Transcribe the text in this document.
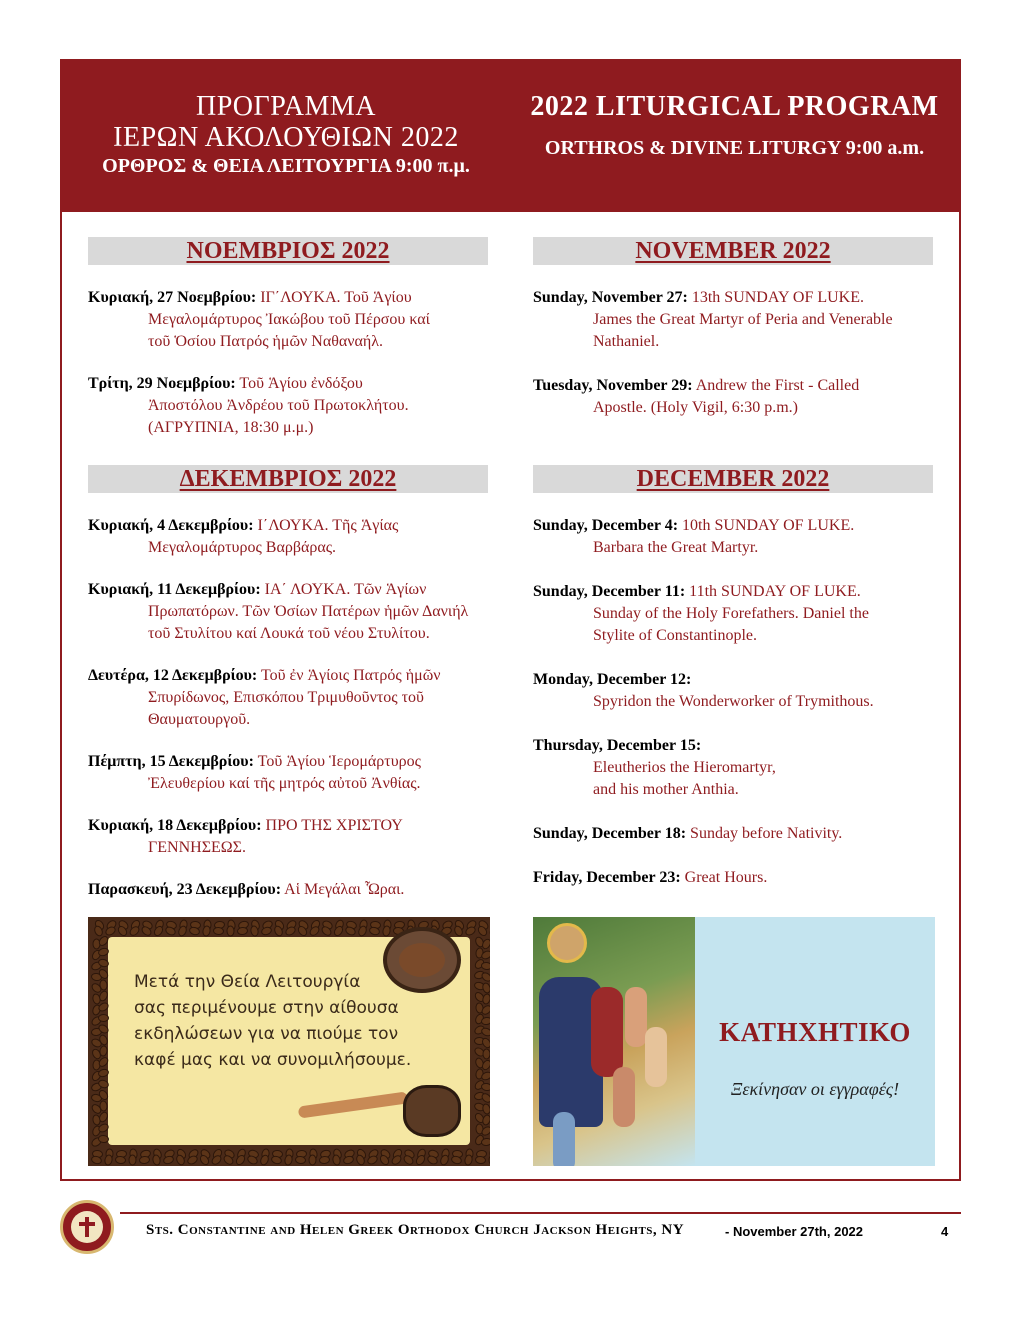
ΠΡΟΓΡΑΜΜΑ
ΙΕΡΩΝ ΑΚΟΛΟΥΘΙΩΝ 2022
ΟΡΘΡΟΣ & ΘΕΙΑ ΛΕΙΤΟΥΡΓΙΑ 9:00 π.μ.
2022 LITURGICAL PROGRAM
ORTHROS & DIVINE LITURGY 9:00 a.m.
ΝΟΕΜΒΡΙΟΣ 2022
Κυριακή, 27 Νοεμβρίου: ΙΓ΄ΛΟΥΚΑ. Τοῦ Ἁγίου
Μεγαλομάρτυρος Ἰακώβου τοῦ Πέρσου καί
τοῦ Ὁσίου Πατρός ἡμῶν Ναθαναήλ.
Τρίτη, 29 Νοεμβρίου: Τοῦ Ἁγίου ἐνδόξου
Ἀποστόλου Ἀνδρέου τοῦ Πρωτοκλήτου.
(ΑΓΡΥΠΝΙΑ, 18:30 μ.μ.)
ΔΕΚΕΜΒΡΙΟΣ 2022
Κυριακή, 4 Δεκεμβρίου: Ι΄ΛΟΥΚΑ. Τῆς Ἁγίας
Μεγαλομάρτυρος Βαρβάρας.
Κυριακή, 11 Δεκεμβρίου: ΙΑ΄ ΛΟΥΚΑ. Τῶν Ἁγίων
Πρωπατόρων. Τῶν Ὁσίων Πατέρων ἡμῶν Δανιήλ
τοῦ Στυλίτου καί Λουκά τοῦ νέου Στυλίτου.
Δευτέρα, 12 Δεκεμβρίου: Τοῦ ἐν Ἁγίοις Πατρός ἡμῶν
Σπυρίδωνος, Επισκόπου Τριμυθοῦντος τοῦ
Θαυματουργοῦ.
Πέμπτη, 15 Δεκεμβρίου: Τοῦ Ἁγίου Ἱερομάρτυρος
Ἐλευθερίου καί τῆς μητρός αὐτοῦ Ἀνθίας.
Κυριακή, 18 Δεκεμβρίου: ΠΡΟ ΤΗΣ ΧΡΙΣΤΟΥ
ΓΕΝΝΗΣΕΩΣ.
Παρασκευή, 23 Δεκεμβρίου: Αἱ Μεγάλαι Ὧραι.
NOVEMBER 2022
Sunday, November 27: 13th SUNDAY OF LUKE.
James the Great Martyr of Peria and Venerable
Nathaniel.
Tuesday, November 29: Andrew the First - Called
Apostle. (Holy Vigil, 6:30 p.m.)
DECEMBER 2022
Sunday, December 4: 10th SUNDAY OF LUKE.
Barbara the Great Martyr.
Sunday, December 11: 11th SUNDAY OF LUKE.
Sunday of the Holy Forefathers. Daniel the
Stylite of Constantinople.
Monday, December 12:
Spyridon the Wonderworker of Trymithous.
Thursday, December 15:
Eleutherios the Hieromartyr,
and his mother Anthia.
Sunday, December 18: Sunday before Nativity.
Friday, December 23: Great Hours.
Μετά την Θεία Λειτουργία
σας περιμένουμε στην αίθουσα
εκδηλώσεων για να πιούμε τον
καφέ μας και να συνομιλήσουμε.
ΚΑΤΗΧΗΤΙΚΟ
Ξεκίνησαν οι εγγραφές!
Sts. Constantine and Helen Greek Orthodox Church Jackson Heights, NY	- November 27th, 2022	4
